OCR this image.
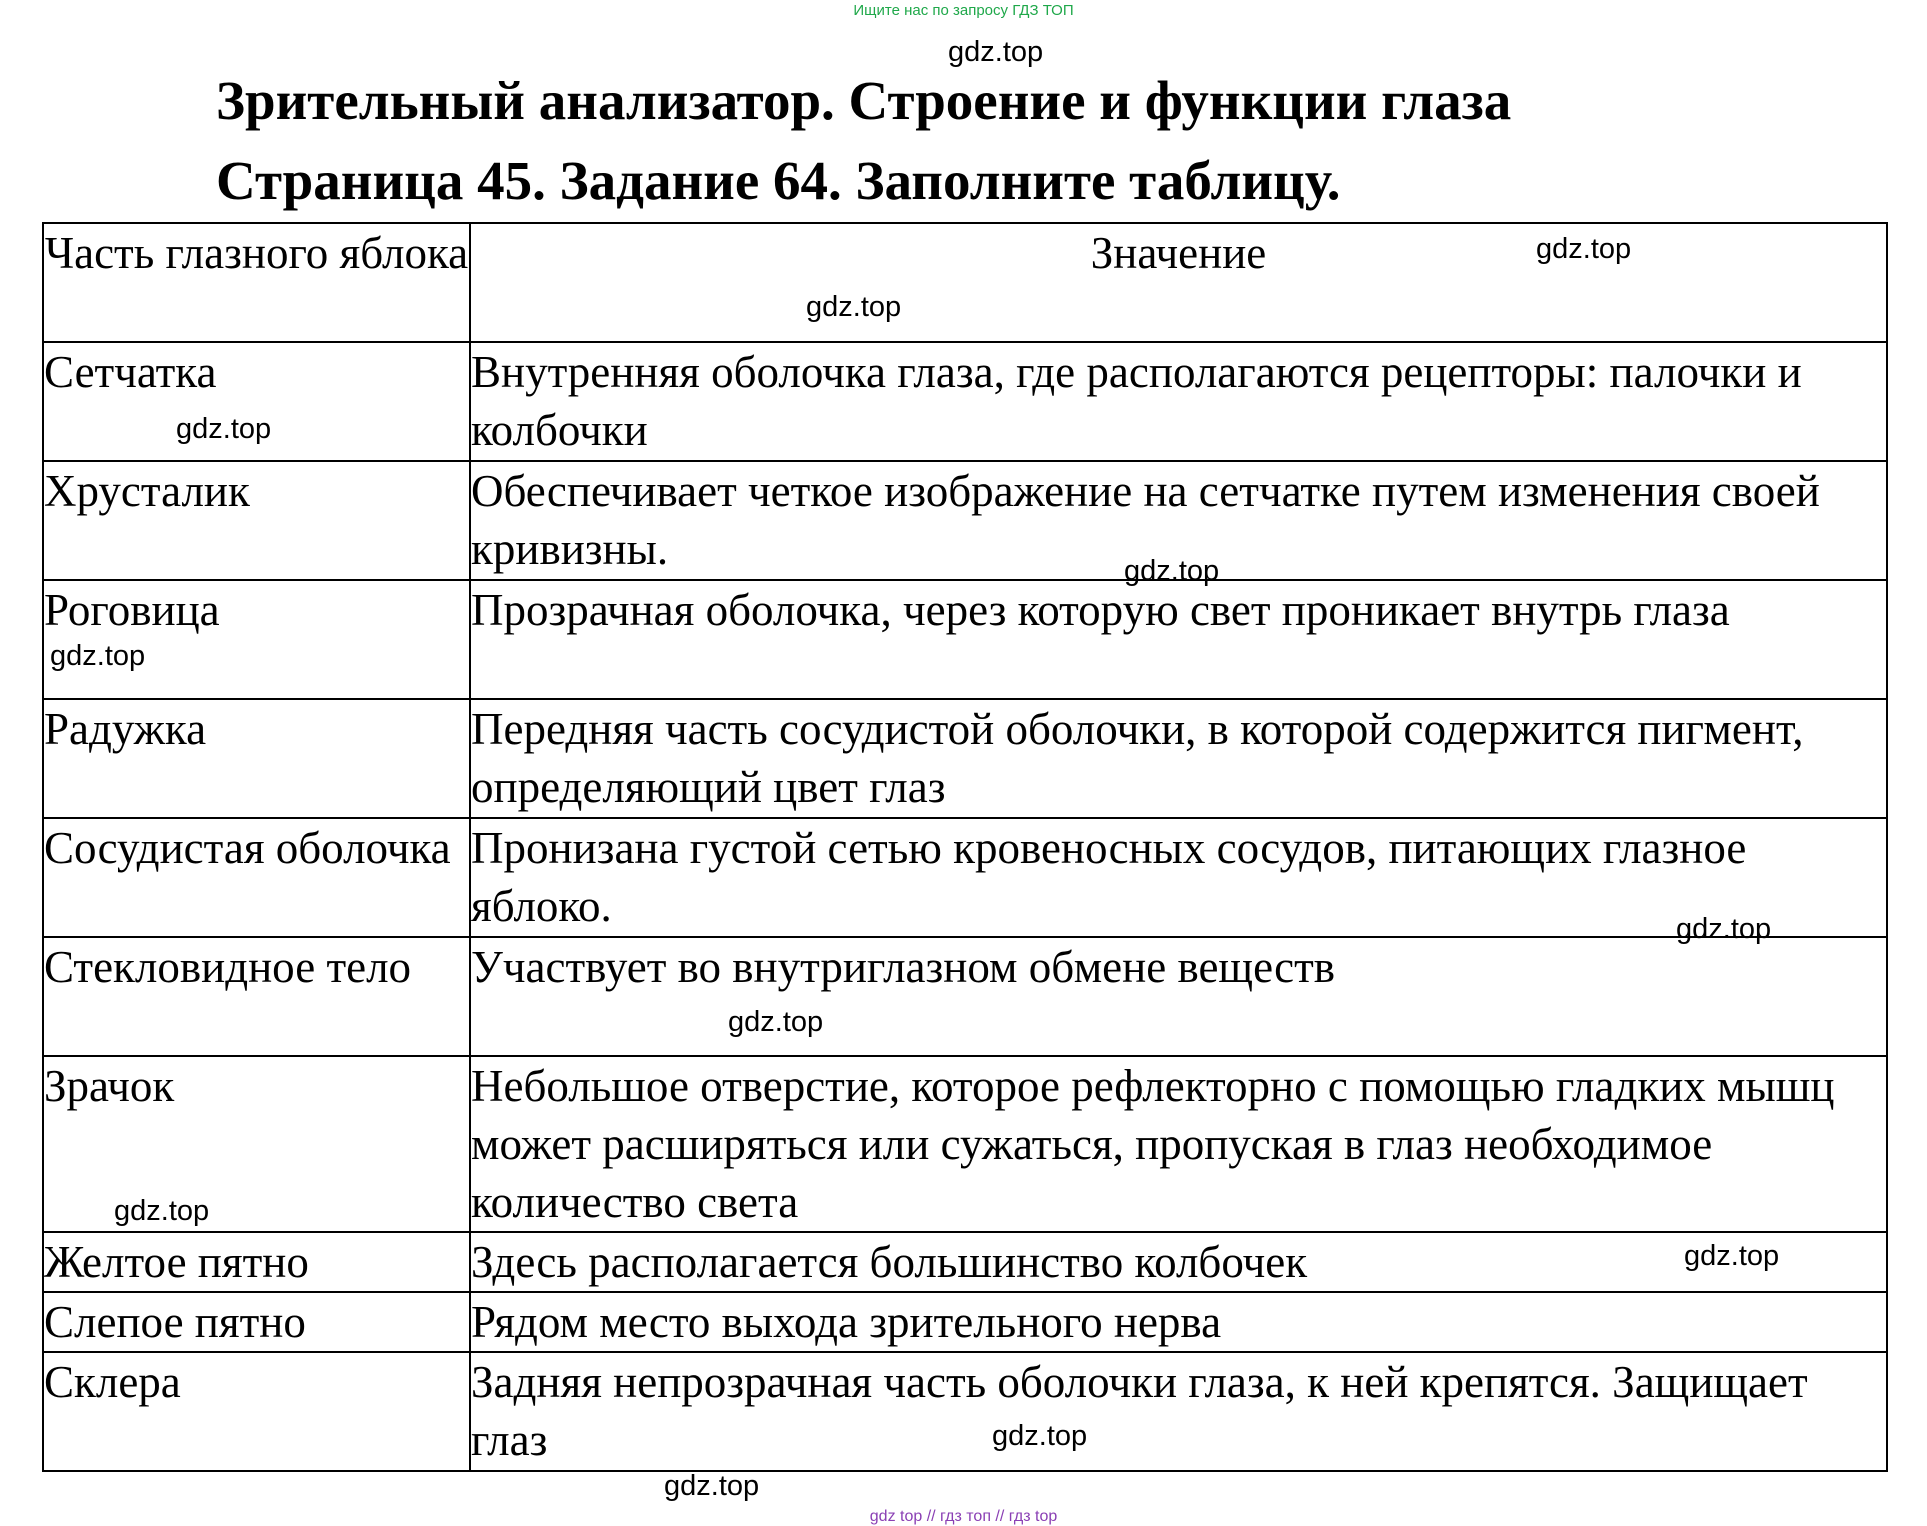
Ищите нас по запросу ГДЗ ТОП
Зрительный анализатор. Строение и функции глаза
Страница 45. Задание 64. Заполните таблицу.
Часть глазного яблока	Значение
Сетчатка	Внутренняя оболочка глаза, где располагаются рецепторы: палочки и колбочки
Хрусталик	Обеспечивает четкое изображение на сетчатке путем изменения своей кривизны.
Роговица	Прозрачная оболочка, через которую свет проникает внутрь глаза
Радужка	Передняя часть сосудистой оболочки, в которой содержится пигмент, определяющий цвет глаз
Сосудистая оболочка	Пронизана густой сетью кровеносных сосудов, питающих глазное яблоко.
Стекловидное тело	Участвует во внутриглазном обмене веществ
Зрачок	Небольшое отверстие, которое рефлекторно с помощью гладких мышц может расширяться или сужаться, пропуская в глаз необходимое количество света
Желтое пятно	Здесь располагается большинство колбочек
Слепое пятно	Рядом место выхода зрительного нерва
Склера	Задняя непрозрачная часть оболочки глаза, к ней крепятся. Защищает глаз
gdz.top
gdz.top
gdz.top
gdz.top
gdz.top
gdz.top
gdz.top
gdz.top
gdz.top
gdz.top
gdz.top
gdz.top
gdz top // гдз топ // гдз top
